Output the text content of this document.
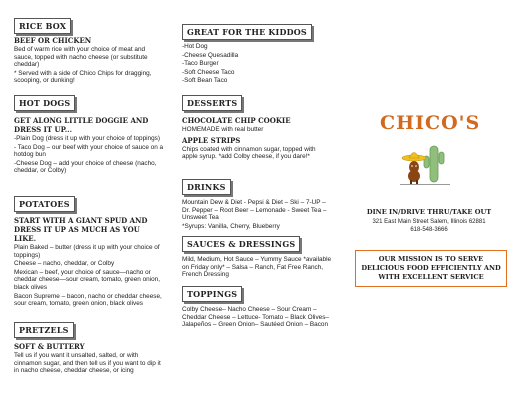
RICE BOX
BEEF OR CHICKEN
Bed of warm rice with your choice of meat and sauce, topped with nacho cheese (or substitute cheddar)
* Served with a side of Chico Chips for dragging, scooping, or dunking!
HOT DOGS
GET ALONG LITTLE DOGGIE AND DRESS IT UP...
-Plain Dog (dress it up with your choice of toppings)
- Taco Dog – our beef with your choice of sauce on a hotdog bun
-Cheese Dog – add your choice of cheese (nacho, cheddar, or Colby)
POTATOES
START WITH A GIANT SPUD AND DRESS IT UP AS MUCH AS YOU LIKE.
Plain Baked – butter (dress it up with your choice of toppings)
Cheese – nacho, cheddar, or Colby
Mexican – beef, your choice of sauce—nacho or cheddar cheese—sour cream, tomato, green onion, black olives
Bacon Supreme – bacon, nacho or cheddar cheese, sour cream, tomato, green onion, black olives
PRETZELS
SOFT & BUTTERY
Tell us if you want it unsalted, salted, or with cinnamon sugar, and then tell us if you want to dip it in nacho cheese, cheddar cheese, or icing
GREAT FOR THE KIDDOS
-Hot Dog
-Cheese Quesadilla
-Taco Burger
-Soft Cheese Taco
-Soft Bean Taco
DESSERTS
CHOCOLATE CHIP COOKIE
HOMEMADE with real butter
APPLE STRIPS
Chips coated with cinnamon sugar, topped with apple syrup. *add Colby cheese, if you dare!*
DRINKS
Mountain Dew & Diet - Pepsi & Diet – Ski – 7-UP – Dr. Pepper – Root Beer – Lemonade - Sweet Tea – Unsweet Tea
*Syrups: Vanilla, Cherry, Blueberry
SAUCES & DRESSINGS
Mild, Medium, Hot Sauce – Yummy Sauce *available on Friday only* – Salsa – Ranch, Fat Free Ranch, French Dressing
TOPPINGS
Colby Cheese– Nacho Cheese – Sour Cream – Cheddar Cheese – Lettuce- Tomato – Black Olives– Jalapeños – Green Onion– Sautéed Onion – Bacon
CHICO'S
DINE IN/DRIVE THRU/TAKE OUT
321 East Main Street Salem, Illinois 62881
618-548-3666
OUR MISSION IS TO SERVE DELICIOUS FOOD EFFICIENTLY AND WITH EXCELLENT SERVICE
